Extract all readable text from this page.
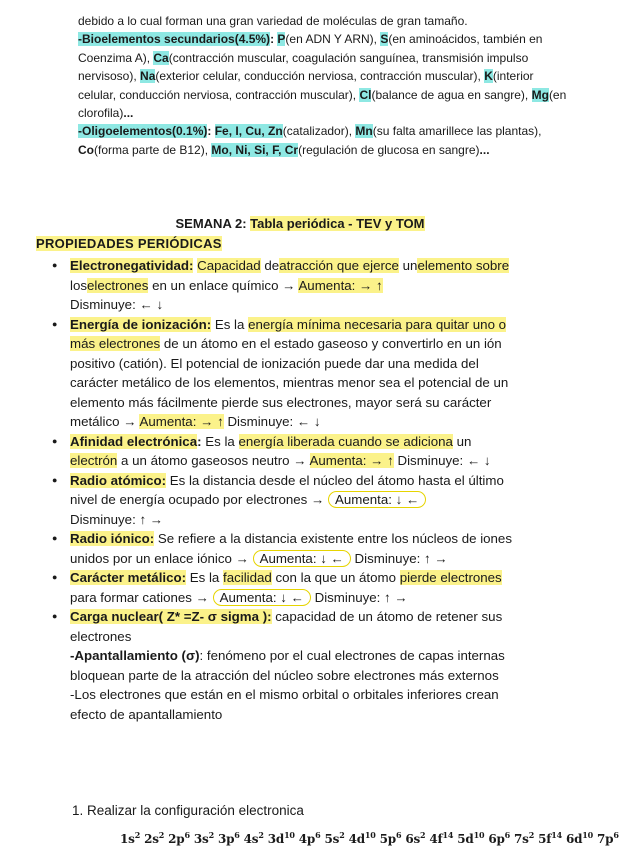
debido a lo cual forman una gran variedad de moléculas de gran tamaño.

-Bioelementos secundarios(4.5%): P(en ADN Y ARN), S(en aminoácidos, también en Coenzima A), Ca(contracción muscular, coagulación sanguínea, transmisión impulso nervisoso), Na(exterior celular, conducción nerviosa, contracción muscular), K(interior celular, conducción nerviosa, contracción muscular), Cl(balance de agua en sangre), Mg(en clorofila)...

-Oligoelementos(0.1%): Fe, I, Cu, Zn(catalizador), Mn(su falta amarillece las plantas), Co(forma parte de B12), Mo, Ni, Si, F, Cr(regulación de glucosa en sangre)...

SEMANA 2: Tabla periódica - TEV y TOM
PROPIEDADES PERIÓDICAS
● Electronegatividad: Capacidad deatracción que ejerce unelemento sobre loselectrones en un enlace químico → Aumenta: → ↑
Disminuye: ← ↓
● Energía de ionización: Es la energía mínima necesaria para quitar uno o más electrones de un átomo en el estado gaseoso y convertirlo en un ión positivo (catión). El potencial de ionización puede dar una medida del carácter metálico de los elementos, mientras menor sea el potencial de un elemento más fácilmente pierde sus electrones, mayor será su carácter metálico → Aumenta: → ↑ Disminuye: ← ↓
● Afinidad electrónica: Es la energía liberada cuando se adiciona un electrón a un átomo gaseosos neutro → Aumenta: → ↑ Disminuye: ← ↓
● Radio atómico: Es la distancia desde el núcleo del átomo hasta el último nivel de energía ocupado por electrones → Aumenta: ↓ ←
Disminuye: ↑ →
● Radio iónico: Se refiere a la distancia existente entre los núcleos de iones unidos por un enlace iónico → Aumenta: ↓ ← Disminuye: ↑ →
● Carácter metálico: Es la facilidad con la que un átomo pierde electrones para formar cationes → Aumenta: ↓ ← Disminuye: ↑ →
● Carga nuclear( Z* =Z- σ sigma ): capacidad de un átomo de retener sus electrones
-Apantallamiento (σ): fenómeno por el cual electrones de capas internas bloquean parte de la atracción del núcleo sobre electrones más externos
-Los electrones que están en el mismo orbital o orbitales inferiores crean efecto de apantallamiento
1. Realizar la configuración electronica
$1s^2$ $2s^2$ $2p^6$ $3s^2$ $3p^6$ $4s^2$ $3d^{10}$ $4p^6$ $5s^2$ $4d^{10}$ $5p^6$ $6s^2$ $4f^{14}$ $5d^{10}$ $6p^6$ $7s^2$ $5f^{14}$ $6d^{10}$ $7p^6$
